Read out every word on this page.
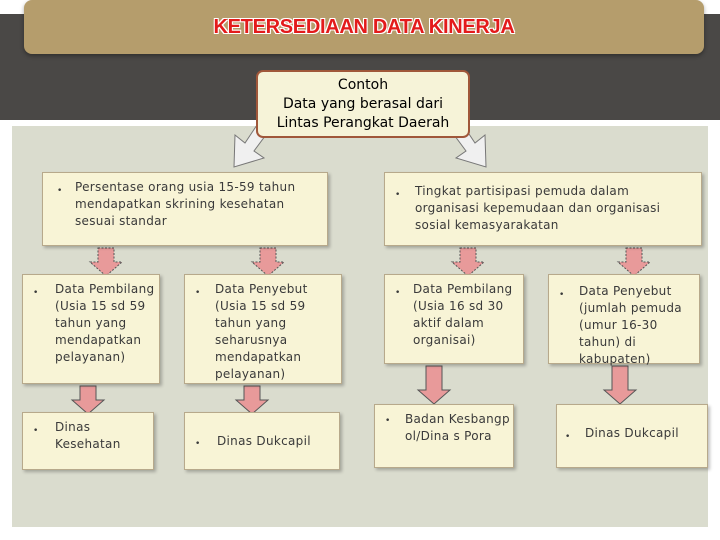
KETERSEDIAAN DATA KINERJA
Contoh
Data yang berasal dari
Lintas Perangkat Daerah
• Persentase orang usia 15-59 tahun mendapatkan skrining kesehatan sesuai standar
• Tingkat partisipasi pemuda dalam organisasi kepemudaan dan organisasi sosial kemasyarakatan
• Data Pembilang (Usia 15 sd 59 tahun yang mendapatkan pelayanan)
• Data Penyebut (Usia 15 sd 59 tahun yang seharusnya mendapatkan pelayanan)
• Data Pembilang (Usia 16 sd 30 aktif dalam organisai)
• Data Penyebut (jumlah pemuda (umur 16-30 tahun) di kabupaten)
• Dinas Kesehatan	• Dinas Dukcapil
• Badan Kesbangpol/Dina s Pora	• Dinas Dukcapil
